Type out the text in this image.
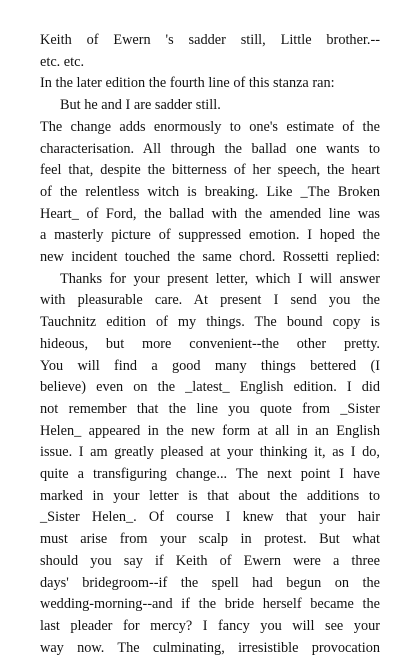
Keith of Ewern 's sadder still, Little brother.--
etc. etc.
In the later edition the fourth line of this stanza ran:
But he and I are sadder still.
The change adds enormously to one's estimate of the
characterisation. All through the ballad one wants to
feel that, despite the bitterness of her speech, the heart
of the relentless witch is breaking. Like _The Broken
Heart_ of Ford, the ballad with the amended line was
a masterly picture of suppressed emotion. I hoped the
new incident touched the same chord. Rossetti replied:
Thanks for your present letter, which I will answer
with pleasurable care. At present I send you the
Tauchnitz edition of my things. The bound copy is
hideous, but more convenient--the other pretty.
You will find a good many things bettered (I
believe) even on the _latest_ English edition. I did
not remember that the line you quote from _Sister
Helen_ appeared in the new form at all in an English
issue. I am greatly pleased at your thinking it, as I do,
quite a transfiguring change... The next point I have
marked in your letter is that about the additions to
_Sister Helen_. Of course I knew that your hair
must arise from your scalp in protest. But what
should you say if Keith of Ewern were a three
days' bridegroom--if the spell had begun on the
wedding-morning--and if the bride herself became the
last pleader for mercy? I fancy you will see your
way now. The culminating, irresistible provocation
